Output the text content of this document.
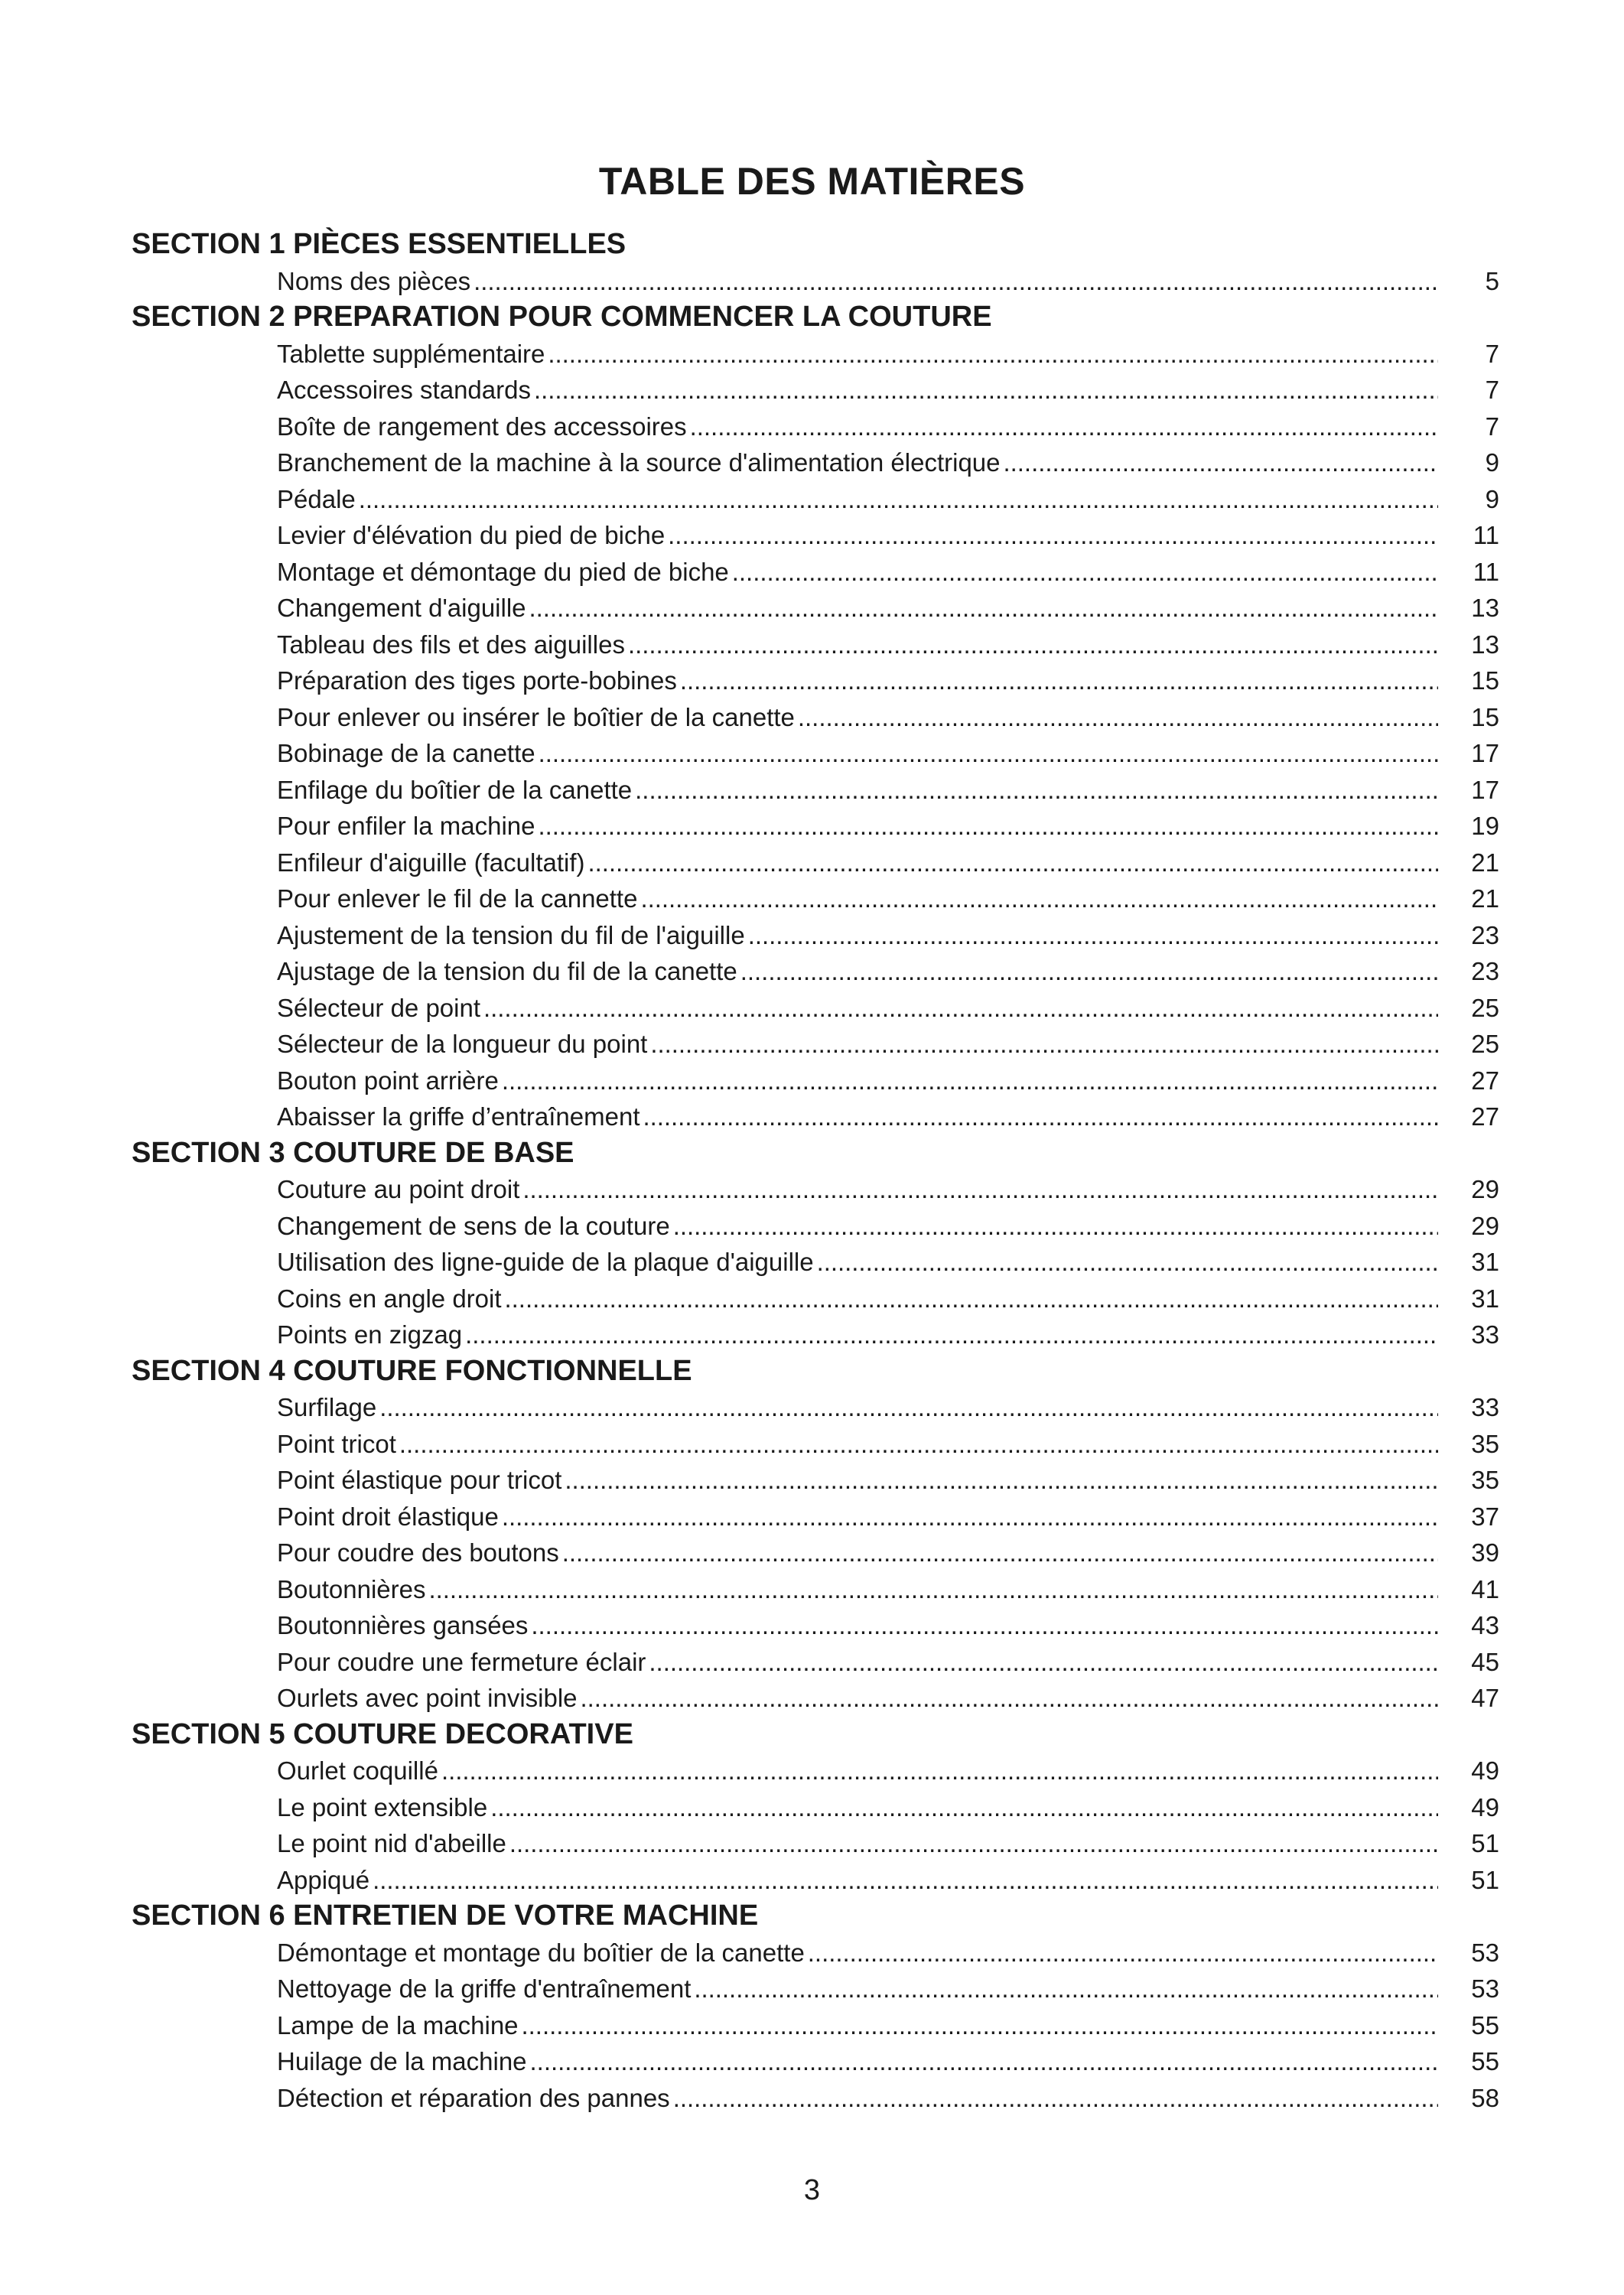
TABLE DES MATIÈRES
SECTION 1 PIÈCES ESSENTIELLES
Noms des pièces . . .	5
SECTION 2 PREPARATION POUR COMMENCER LA COUTURE
Tablette supplémentaire . . .	7
Accessoires standards . . .	7
Boîte de rangement des accessoires . . .	7
Branchement de la machine à la source d'alimentation électrique . . .	9
Pédale . . .	9
Levier d'élévation du pied de biche . . .	11
Montage et démontage du pied de biche . . .	11
Changement d'aiguille . . .	13
Tableau des fils et des aiguilles . . .	13
Préparation des tiges porte-bobines . . .	15
Pour enlever ou insérer le boîtier de la canette . . .	15
Bobinage de la canette . . .	17
Enfilage du boîtier de la canette . . .	17
Pour enfiler la machine . . .	19
Enfileur d'aiguille (facultatif) . . .	21
Pour enlever le fil de la cannette . . .	21
Ajustement de la tension du fil de l'aiguille . . .	23
Ajustage de la tension du fil de la canette . . .	23
Sélecteur de point . . .	25
Sélecteur de la longueur du point . . .	25
Bouton point arrière . . .	27
Abaisser la griffe d’entraînement . . .	27
SECTION 3 COUTURE DE BASE
Couture au point droit . . .	29
Changement de sens de la couture . . .	29
Utilisation des ligne-guide de la plaque d'aiguille . . .	31
Coins en angle droit . . .	31
Points en zigzag . . .	33
SECTION 4 COUTURE FONCTIONNELLE
Surfilage . . .	33
Point tricot . . .	35
Point élastique pour tricot . . .	35
Point droit élastique . . .	37
Pour coudre des boutons . . .	39
Boutonnières . . .	41
Boutonnières gansées . . .	43
Pour coudre une fermeture éclair . . .	45
Ourlets avec point invisible . . .	47
SECTION 5 COUTURE DECORATIVE
Ourlet coquillé . . .	49
Le point extensible . . .	49
Le point nid d'abeille . . .	51
Appiqué . . .	51
SECTION 6 ENTRETIEN DE VOTRE MACHINE
Démontage et montage du boîtier de la canette . . .	53
Nettoyage de la griffe d'entraînement . . .	53
Lampe de la machine . . .	55
Huilage de la machine . . .	55
Détection et réparation des pannes . . .	58
3
